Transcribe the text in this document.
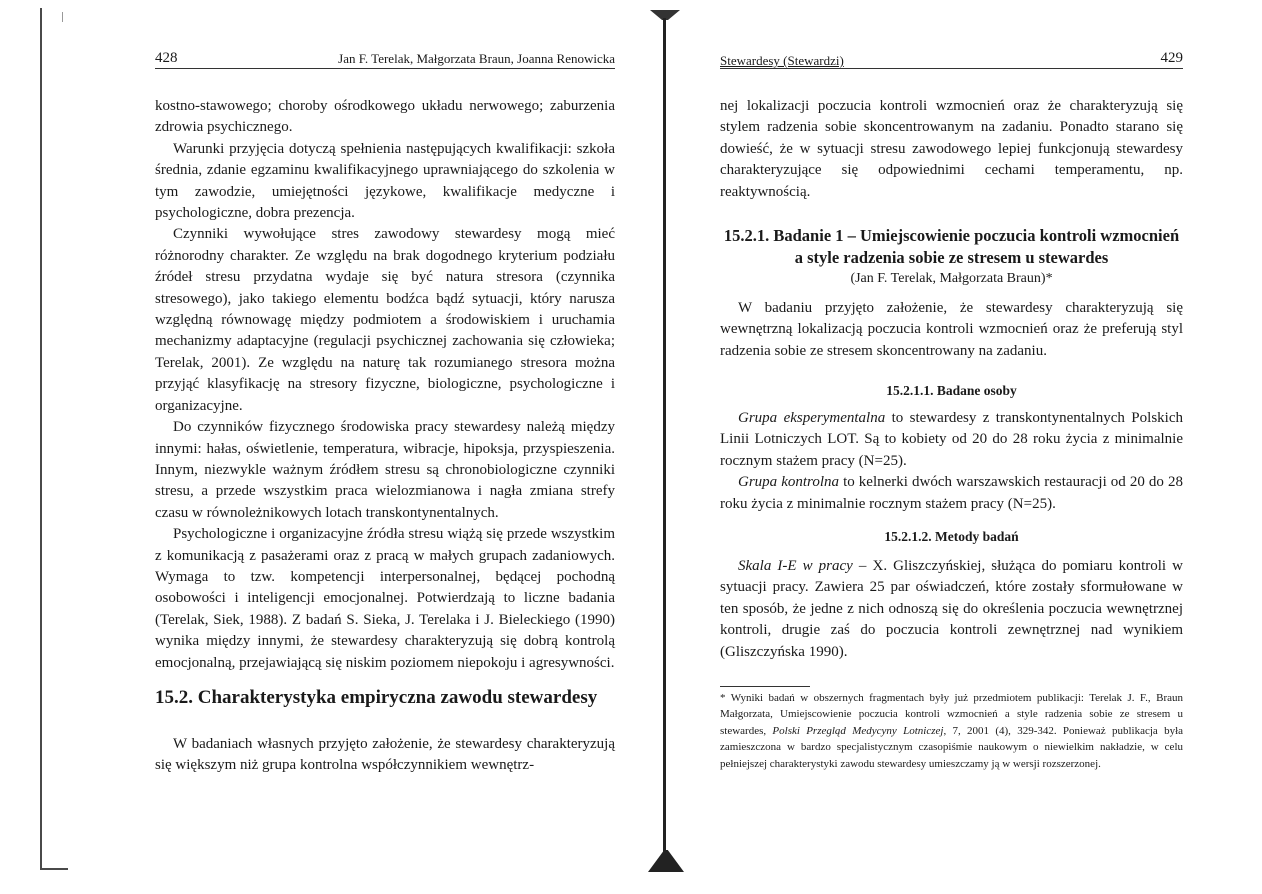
428	Jan F. Terelak, Małgorzata Braun, Joanna Renowicka

kostno-stawowego; choroby ośrodkowego układu nerwowego; zaburzenia zdrowia psychicznego.

Warunki przyjęcia dotyczą spełnienia następujących kwalifikacji: szkoła średnia, zdanie egzaminu kwalifikacyjnego uprawniającego do szkolenia w tym zawodzie, umiejętności językowe, kwalifikacje medyczne i psychologiczne, dobra prezencja.

Czynniki wywołujące stres zawodowy stewardesy mogą mieć różnorodny charakter. Ze względu na brak dogodnego kryterium podziału źródeł stresu przydatna wydaje się być natura stresora (czynnika stresowego), jako takiego elementu bodźca bądź sytuacji, który narusza względną równowagę między podmiotem a środowiskiem i uruchamia mechanizmy adaptacyjne (regulacji psychicznej zachowania się człowieka; Terelak, 2001). Ze względu na naturę tak rozumianego stresora można przyjąć klasyfikację na stresory fizyczne, biologiczne, psychologiczne i organizacyjne.

Do czynników fizycznego środowiska pracy stewardesy należą między innymi: hałas, oświetlenie, temperatura, wibracje, hipoksja, przyspieszenia. Innym, niezwykle ważnym źródłem stresu są chronobiologiczne czynniki stresu, a przede wszystkim praca wielozmianowa i nagła zmiana strefy czasu w równoleżnikowych lotach transkontynentalnych.

Psychologiczne i organizacyjne źródła stresu wiążą się przede wszystkim z komunikacją z pasażerami oraz z pracą w małych grupach zadaniowych. Wymaga to tzw. kompetencji interpersonalnej, będącej pochodną osobowości i inteligencji emocjonalnej. Potwierdzają to liczne badania (Terelak, Siek, 1988). Z badań S. Sieka, J. Terelaka i J. Bieleckiego (1990) wynika między innymi, że stewardesy charakteryzują się dobrą kontrolą emocjonalną, przejawiającą się niskim poziomem niepokoju i agresywności.

15.2. Charakterystyka empiryczna zawodu stewardesy

W badaniach własnych przyjęto założenie, że stewardesy charakteryzują się większym niż grupa kontrolna współczynnikiem wewnętrz-

Stewardesy (Stewardzi)	429

nej lokalizacji poczucia kontroli wzmocnień oraz że charakteryzują się stylem radzenia sobie skoncentrowanym na zadaniu. Ponadto starano się dowieść, że w sytuacji stresu zawodowego lepiej funkcjonują stewardesy charakteryzujące się odpowiednimi cechami temperamentu, np. reaktywnością.

15.2.1. Badanie 1 – Umiejscowienie poczucia kontroli wzmocnień
a style radzenia sobie ze stresem u stewardes
(Jan F. Terelak, Małgorzata Braun)*

W badaniu przyjęto założenie, że stewardesy charakteryzują się wewnętrzną lokalizacją poczucia kontroli wzmocnień oraz że preferują styl radzenia sobie ze stresem skoncentrowany na zadaniu.

15.2.1.1. Badane osoby

Grupa eksperymentalna to stewardesy z transkontynentalnych Polskich Linii Lotniczych LOT. Są to kobiety od 20 do 28 roku życia z minimalnie rocznym stażem pracy (N=25).

Grupa kontrolna to kelnerki dwóch warszawskich restauracji od 20 do 28 roku życia z minimalnie rocznym stażem pracy (N=25).

15.2.1.2. Metody badań

Skala I-E w pracy – X. Gliszczyńskiej, służąca do pomiaru kontroli w sytuacji pracy. Zawiera 25 par oświadczeń, które zostały sformułowane w ten sposób, że jedne z nich odnoszą się do określenia poczucia wewnętrznej kontroli, drugie zaś do poczucia kontroli zewnętrznej nad wynikiem (Gliszczyńska 1990).

* Wyniki badań w obszernych fragmentach były już przedmiotem publikacji: Terelak J. F., Braun Małgorzata, Umiejscowienie poczucia kontroli wzmocnień a style radzenia sobie ze stresem u stewardes, Polski Przegląd Medycyny Lotniczej, 7, 2001 (4), 329-342. Ponieważ publikacja była zamieszczona w bardzo specjalistycznym czasopiśmie naukowym o niewielkim nakładzie, w celu pełniejszej charakterystyki zawodu stewardesy umieszczamy ją w wersji rozszerzonej.
